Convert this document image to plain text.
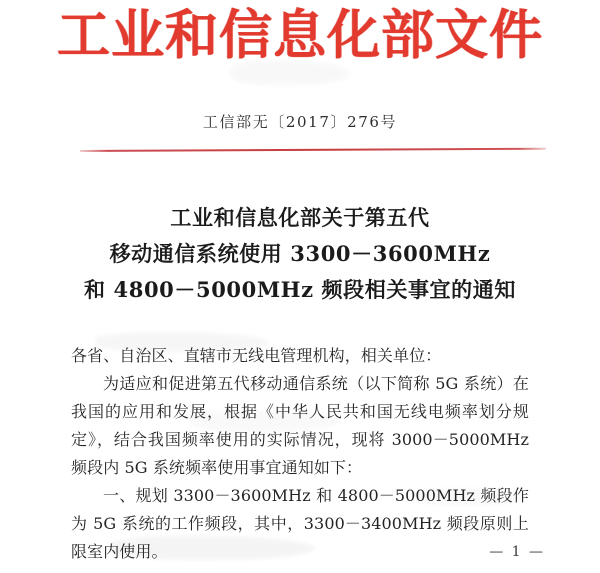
工业和信息化部文件
工信部无〔2017〕276号
工业和信息化部关于第五代
移动通信系统使用 3300－3600MHz
和 4800－5000MHz 频段相关事宜的通知

各省、自治区、直辖市无线电管理机构，相关单位：

为适应和促进第五代移动通信系统（以下简称 5G 系统）在我国的应用和发展，根据《中华人民共和国无线电频率划分规定》，结合我国频率使用的实际情况，现将 3000－5000MHz 频段内 5G 系统频率使用事宜通知如下：

一、规划 3300－3600MHz 和 4800－5000MHz 频段作为 5G 系统的工作频段，其中，3300－3400MHz 频段原则上限室内使用。	— 1 —
